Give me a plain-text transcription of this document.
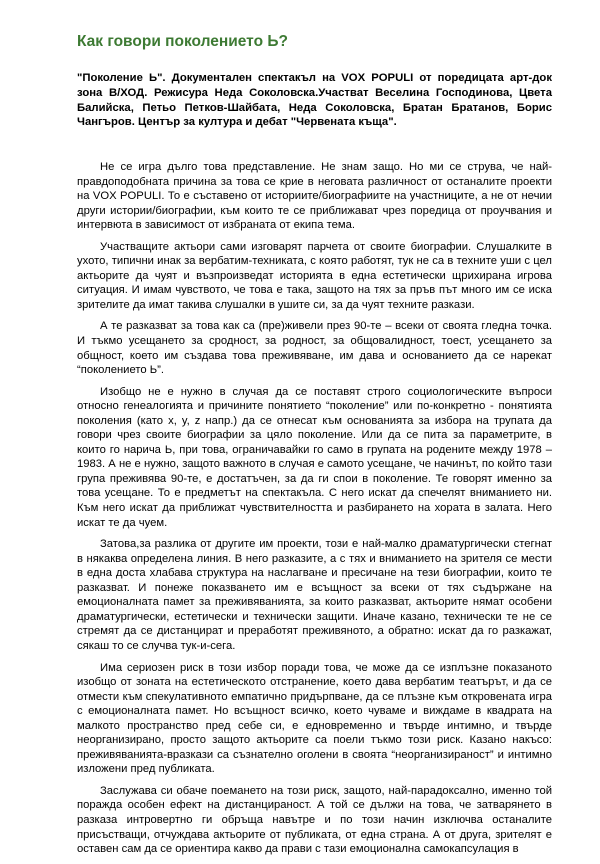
Как говори поколението Ь?

"Поколение Ь". Документален спектакъл на VOX POPULI от поредицата арт-док зона В/ХОД. Режисура Неда Соколовска.Участват Веселина Господинова, Цвета Балийска, Петьо Петков-Шайбата, Неда Соколовска, Братан Братанов, Борис Чангъров. Център за култура и дебат "Червената къща".

Не се игра дълго това представление. Не знам защо. Но ми се струва, че най-правдоподобната причина за това се крие в неговата различност от останалите проекти на VOX POPULI. То е съставено от историите/биографиите на участниците, а не от нечии други истории/биографии, към които те се приближават чрез поредица от проучвания и интервюта в зависимост от избраната от екипа тема.

Участващите актьори сами изговарят парчета от своите биографии. Слушалките в ухото, типични инак за вербатим-техниката, с която работят, тук не са в техните уши с цел актьорите да чуят и възпроизведат историята в една естетически щрихирана игрова ситуация. И имам чувството, че това е така, защото на тях за пръв път много им се иска зрителите да имат такива слушалки в ушите си, за да чуят техните разкази.

А те разказват за това как са (пре)живели през 90-те – всеки от своята гледна точка. И тъкмо усещането за сродност, за родност, за общовалидност, тоест, усещането за общност, което им създава това преживяване, им дава и основанието да се нарекат “поколението Ь”.

Изобщо не е нужно в случая да се поставят строго социологическите въпроси относно генеалогията и причините понятието “поколение” или по-конкретно - понятията поколения (като x, y, z напр.) да се отнесат към основанията за избора на трупата да говори чрез своите биографии за цяло поколение. Или да се пита за параметрите, в които го нарича Ь, при това, ограничавайки го само в групата на родените между 1978 – 1983. А не е нужно, защото важното в случая е самото усещане, че начинът, по който тази група преживява 90-те, е достатъчен, за да ги спои в поколение. Те говорят именно за това усещане. То е предметът на спектакъла. С него искат да спечелят вниманието ни. Към него искат да приближат чувствителността и разбирането на хората в залата. Него искат те да чуем.

Затова,за разлика от другите им проекти, този е най-малко драматургически стегнат в някаква определена линия. В него разказите, а с тях и вниманието на зрителя се мести в една доста хлабава структура на наслагване и пресичане на тези биографии, които те разказват. И понеже показването им е всъщност за всеки от тях съдържане на емоционалната памет за преживяванията, за които разказват, актьорите нямат особени драматургически, естетически и технически защити. Иначе казано, технически те не се стремят да се дистанцират и преработят преживяното, а обратно: искат да го разкажат, сякаш то се случва тук-и-сега.

Има сериозен риск в този избор поради това, че може да се изплъзне показаното изобщо от зоната на естетическото отстранение, което дава вербатим театърът, и да се отмести към спекулативното емпатично придърпване, да се плъзне към откровената игра с емоционалната памет. Но всъщност всичко, което чуваме и виждаме в квадрата на малкото пространство пред себе си, е едновременно и твърде интимно, и твърде неорганизирано, просто защото актьорите са поели тъкмо този риск. Казано накъсо: преживяванията-вразкази са съзнателно оголени в своята “неорганизираност” и интимно изложени пред публиката.

Заслужава си обаче поемането на този риск, защото, най-парадоксално, именно той поражда особен ефект на дистанцираност. А той се дължи на това, че затварянето в разказа интровертно ги обръща навътре и по този начин изключва останалите присъстващи, отчуждава актьорите от публиката, от една страна. А от друга, зрителят е оставен сам да се ориентира какво да прави с тази емоционална самокапсулация в
